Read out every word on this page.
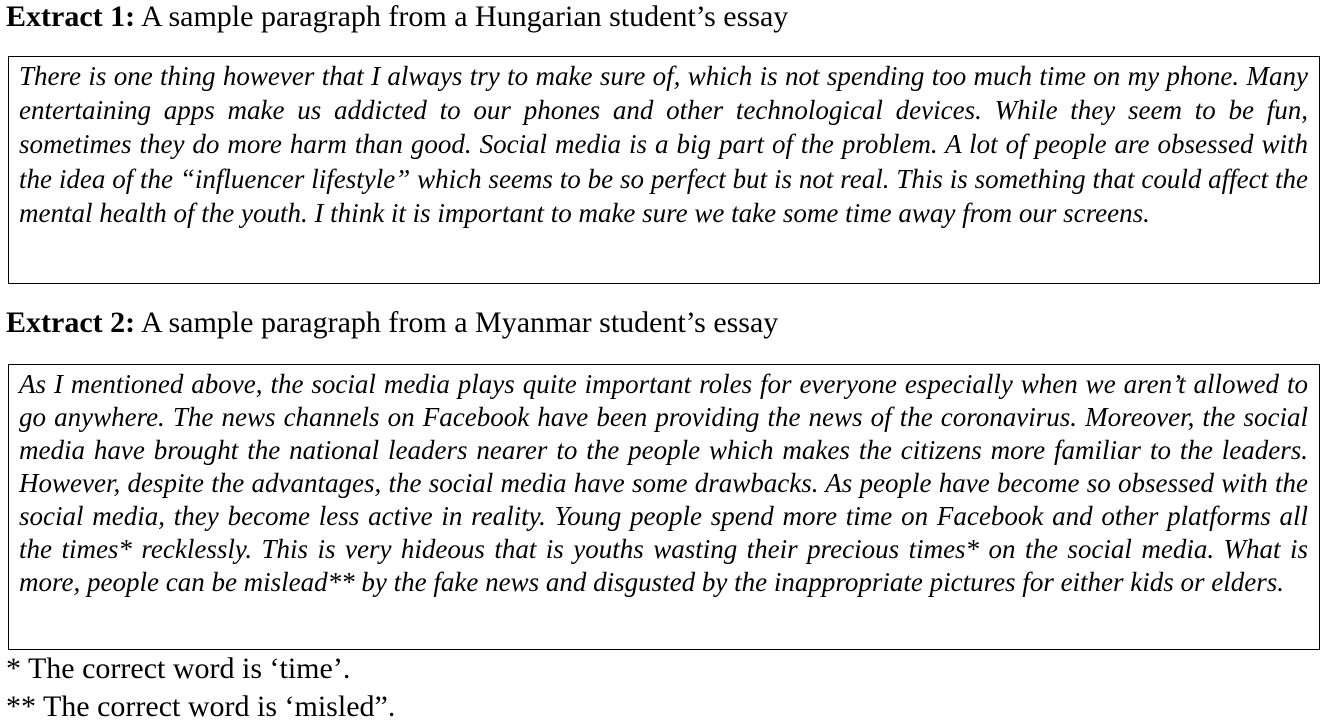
Extract 1: A sample paragraph from a Hungarian student’s essay
There is one thing however that I always try to make sure of, which is not spending too much time on my phone. Many entertaining apps make us addicted to our phones and other technological devices. While they seem to be fun, sometimes they do more harm than good. Social media is a big part of the problem. A lot of people are obsessed with the idea of the “influencer lifestyle” which seems to be so perfect but is not real. This is something that could affect the mental health of the youth. I think it is important to make sure we take some time away from our screens.
Extract 2: A sample paragraph from a Myanmar student’s essay
As I mentioned above, the social media plays quite important roles for everyone especially when we aren’t allowed to go anywhere. The news channels on Facebook have been providing the news of the coronavirus. Moreover, the social media have brought the national leaders nearer to the people which makes the citizens more familiar to the leaders. However, despite the advantages, the social media have some drawbacks. As people have become so obsessed with the social media, they become less active in reality. Young people spend more time on Facebook and other platforms all the times* recklessly. This is very hideous that is youths wasting their precious times* on the social media. What is more, people can be mislead** by the fake news and disgusted by the inappropriate pictures for either kids or elders.
* The correct word is ‘time’.
** The correct word is ‘misled”.
